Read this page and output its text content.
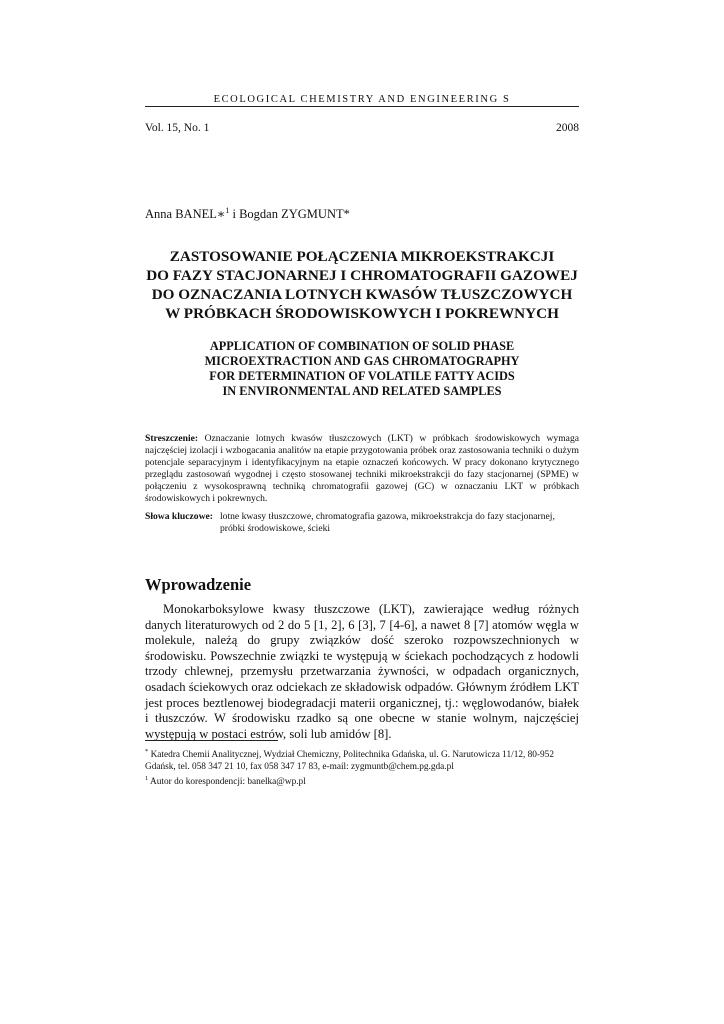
ECOLOGICAL CHEMISTRY AND ENGINEERING S
Vol. 15, No. 1	2008
Anna BANEL∗$^1$ i Bogdan ZYGMUNT*
ZASTOSOWANIE POŁĄCZENIA MIKROEKSTRAKCJI
DO FAZY STACJONARNEJ I CHROMATOGRAFII GAZOWEJ
DO OZNACZANIA LOTNYCH KWASÓW TŁUSZCZOWYCH
W PRÓBKACH ŚRODOWISKOWYCH I POKREWNYCH
APPLICATION OF COMBINATION OF SOLID PHASE
MICROEXTRACTION AND GAS CHROMATOGRAPHY
FOR DETERMINATION OF VOLATILE FATTY ACIDS
IN ENVIRONMENTAL AND RELATED SAMPLES
Streszczenie: Oznaczanie lotnych kwasów tłuszczowych (LKT) w próbkach środowiskowych wymaga najczęściej izolacji i wzbogacania analitów na etapie przygotowania próbek oraz zastosowania techniki o dużym potencjale separacyjnym i identyfikacyjnym na etapie oznaczeń końcowych. W pracy dokonano krytycznego przeglądu zastosowań wygodnej i często stosowanej techniki mikroekstrakcji do fazy stacjonarnej (SPME) w połączeniu z wysokosprawną techniką chromatografii gazowej (GC) w oznaczaniu LKT w próbkach środowiskowych i pokrewnych.
Słowa kluczowe: lotne kwasy tłuszczowe, chromatografia gazowa, mikroekstrakcja do fazy stacjonarnej, próbki środowiskowe, ścieki
Wprowadzenie
Monokarboksylowe kwasy tłuszczowe (LKT), zawierające według różnych danych literaturowych od 2 do 5 [1, 2], 6 [3], 7 [4-6], a nawet 8 [7] atomów węgla w molekule, należą do grupy związków dość szeroko rozpowszechnionych w środowisku. Powszechnie związki te występują w ściekach pochodzących z hodowli trzody chlewnej, przemysłu przetwarzania żywności, w odpadach organicznych, osadach ściekowych oraz odciekach ze składowisk odpadów. Głównym źródłem LKT jest proces beztlenowej biodegradacji materii organicznej, tj.: węglowodanów, białek i tłuszczów. W środowisku rzadko są one obecne w stanie wolnym, najczęściej występują w postaci estrów, soli lub amidów [8].
* Katedra Chemii Analitycznej, Wydział Chemiczny, Politechnika Gdańska, ul. G. Narutowicza 11/12, 80-952 Gdańsk, tel. 058 347 21 10, fax 058 347 17 83, e-mail: zygmuntb@chem.pg.gda.pl
$^1$ Autor do korespondencji: banelka@wp.pl
